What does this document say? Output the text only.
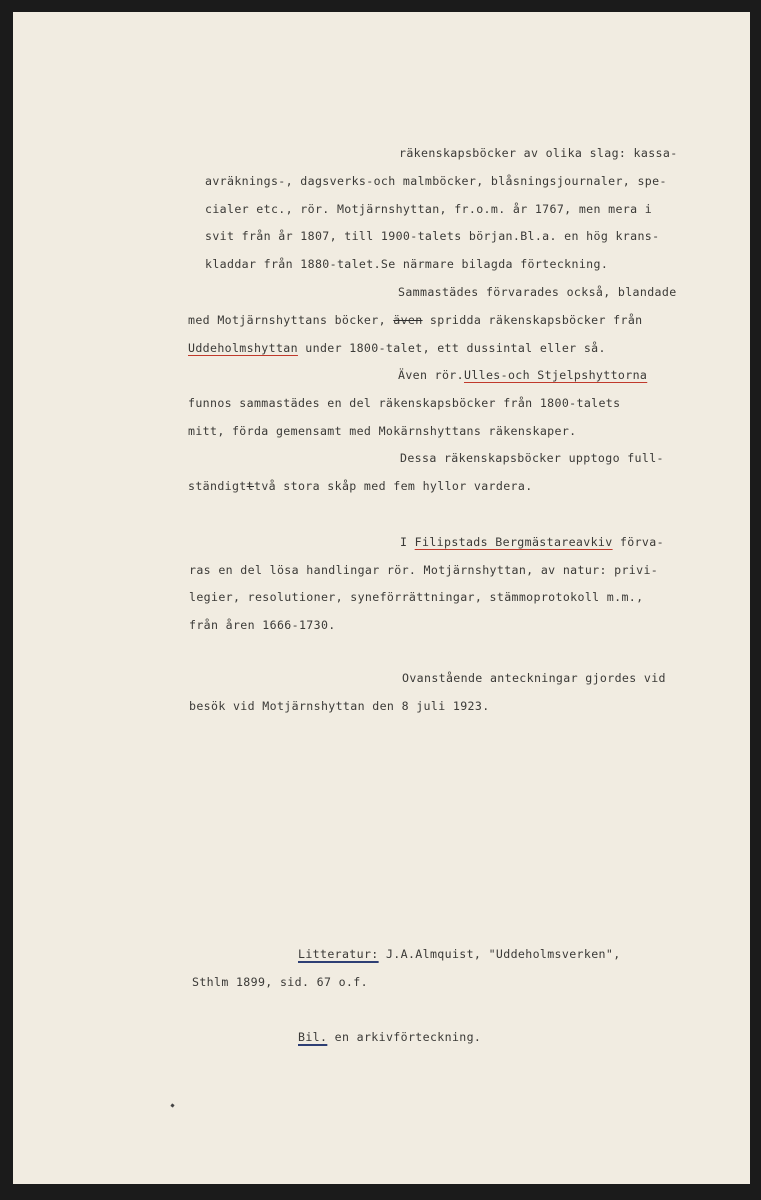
räkenskapsböcker av olika slag: kassa-
avräknings-, dagsverks-och malmböcker, blåsningsjournaler, spe-
cialer etc., rör. Motjärnshyttan, fr.o.m. år 1767, men mera i
svit från år 1807, till 1900-talets början.Bl.a. en hög krans-
kladdar från 1880-talet.Se närmare bilagda förteckning.
Sammastädes förvarades också, blandade
med Motjärnshyttans böcker, även spridda räkenskapsböcker från
Uddeholmshyttan under 1800-talet, ett dussintal eller så.
Även rör.Ulles-och Stjelpshyttorna
funnos sammastädes en del räkenskapsböcker från 1800-talets
mitt, förda gemensamt med Mokärnshyttans räkenskaper.
Dessa räkenskapsböcker upptogo full-
ständigtttvå stora skåp med fem hyllor vardera.
I Filipstads Bergmästareavkiv förva-
ras en del lösa handlingar rör. Motjärnshyttan, av natur: privi-
legier, resolutioner, syneförrättningar, stämmoprotokoll m.m.,
från åren 1666-1730.
Ovanstående anteckningar gjordes vid
besök vid Motjärnshyttan den 8 juli 1923.
Litteratur: J.A.Almquist, "Uddeholmsverken",
Sthlm 1899, sid. 67 o.f.
Bil. en arkivförteckning.
